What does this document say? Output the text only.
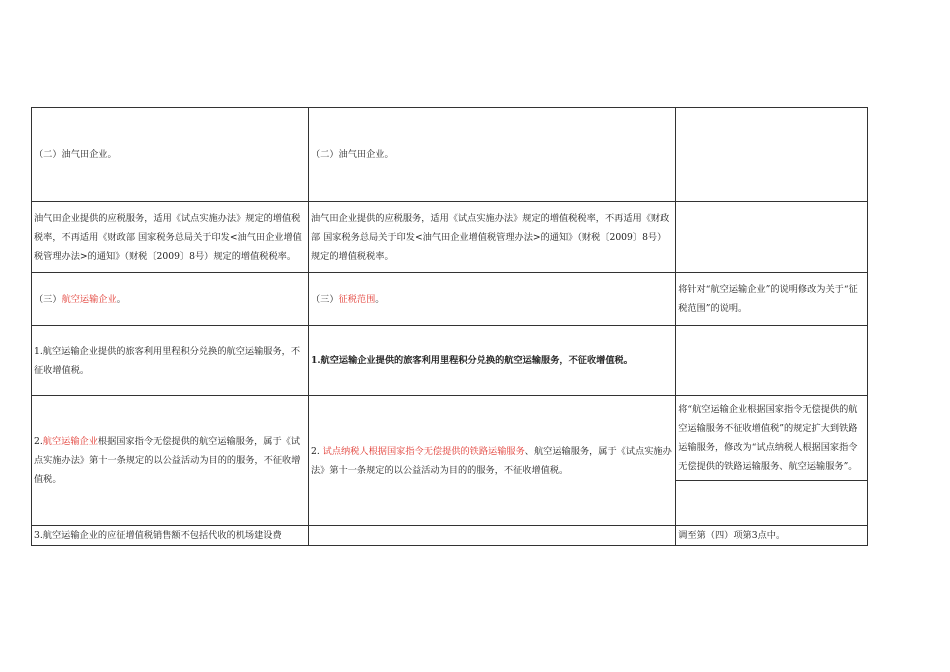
（二）油气田企业。	（二）油气田企业。	
油气田企业提供的应税服务，适用《试点实施办法》规定的增值税税率，不再适用《财政部 国家税务总局关于印发<油气田企业增值税管理办法>的通知》（财税〔2009〕8号）规定的增值税税率。	油气田企业提供的应税服务，适用《试点实施办法》规定的增值税税率，不再适用《财政部 国家税务总局关于印发<油气田企业增值税管理办法>的通知》（财税〔2009〕8号）规定的增值税税率。	
（三）航空运输企业。	（三）征税范围。	将针对“航空运输企业”的说明修改为关于“征税范围”的说明。
1.航空运输企业提供的旅客利用里程积分兑换的航空运输服务，不征收增值税。	1.航空运输企业提供的旅客利用里程积分兑换的航空运输服务，不征收增值税。	
2.航空运输企业根据国家指令无偿提供的航空运输服务，属于《试点实施办法》第十一条规定的以公益活动为目的的服务，不征收增值税。	2. 试点纳税人根据国家指令无偿提供的铁路运输服务、航空运输服务，属于《试点实施办法》第十一条规定的以公益活动为目的的服务，不征收增值税。	将“航空运输企业根据国家指令无偿提供的航空运输服务不征收增值税”的规定扩大到铁路运输服务，修改为“试点纳税人根据国家指令无偿提供的铁路运输服务、航空运输服务”。

3.航空运输企业的应征增值税销售额不包括代收的机场建设费		调至第（四）项第3点中。
